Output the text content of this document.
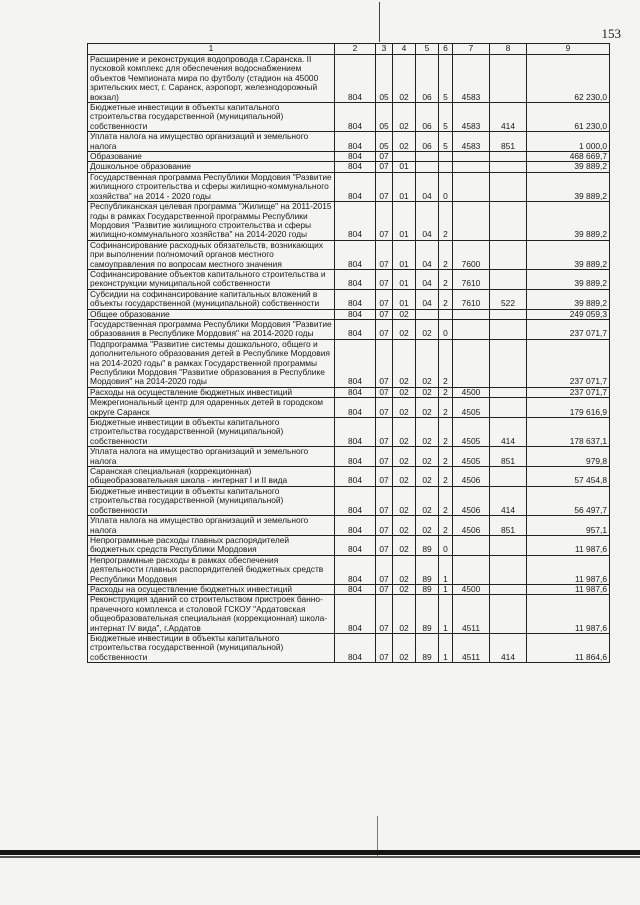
153
1	2	3	4	5	6	7	8	9
Расширение и реконструкция водопровода г.Саранска. II пусковой комплекс для обеспечения водоснабжением объектов Чемпионата мира по футболу (стадион на 45000 зрительских мест, г. Саранск, аэропорт, железнодорожный вокзал)	804	05	02	06	5	4583		62 230,0
Бюджетные инвестиции в объекты капитального строительства государственной (муниципальной) собственности	804	05	02	06	5	4583	414	61 230,0
Уплата налога на имущество организаций и земельного налога	804	05	02	06	5	4583	851	1 000,0
Образование	804	07						468 669,7
Дошкольное образование	804	07	01					39 889,2
Государственная программа Республики Мордовия "Развитие жилищного строительства и сферы жилищно-коммунального хозяйства" на 2014 - 2020 годы	804	07	01	04	0			39 889,2
Республиканская целевая программа "Жилище" на 2011-2015 годы в рамках Государственной программы Республики Мордовия "Развитие жилищного строительства и сферы жилищно-коммунального хозяйства" на 2014-2020 годы	804	07	01	04	2			39 889,2
Софинансирование расходных обязательств, возникающих при выполнении полномочий органов местного самоуправления по вопросам местного значения	804	07	01	04	2	7600		39 889,2
Софинансирование объектов капитального строительства и реконструкции муниципальной собственности	804	07	01	04	2	7610		39 889,2
Субсидии на софинансирование капитальных вложений в объекты государственной (муниципальной) собственности	804	07	01	04	2	7610	522	39 889,2
Общее образование	804	07	02					249 059,3
Государственная программа Республики Мордовия "Развитие образования в Республике Мордовия" на 2014-2020 годы	804	07	02	02	0			237 071,7
Подпрограмма "Развитие системы дошкольного, общего и дополнительного образования детей в Республике Мордовия на 2014-2020 годы" в рамках Государственной программы Республики Мордовия "Развитие образования в Республике Мордовия" на 2014-2020 годы	804	07	02	02	2			237 071,7
Расходы на осуществление бюджетных инвестиций	804	07	02	02	2	4500		237 071,7
Межрегиональный центр для одаренных детей в городском округе Саранск	804	07	02	02	2	4505		179 616,9
Бюджетные инвестиции в объекты капитального строительства государственной (муниципальной) собственности	804	07	02	02	2	4505	414	178 637,1
Уплата налога на имущество организаций и земельного налога	804	07	02	02	2	4505	851	979,8
Саранская специальная (коррекционная) общеобразовательная школа - интернат I и II вида	804	07	02	02	2	4506		57 454,8
Бюджетные инвестиции в объекты капитального строительства государственной (муниципальной) собственности	804	07	02	02	2	4506	414	56 497,7
Уплата налога на имущество организаций и земельного налога	804	07	02	02	2	4506	851	957,1
Непрограммные расходы главных распорядителей бюджетных средств Республики Мордовия	804	07	02	89	0			11 987,6
Непрограммные расходы в рамках обеспечения деятельности главных распорядителей бюджетных средств Республики Мордовия	804	07	02	89	1			11 987,6
Расходы на осуществление бюджетных инвестиций	804	07	02	89	1	4500		11 987,6
Реконструкция зданий со строительством пристроек банно-прачечного комплекса и столовой ГСКОУ "Ардатовская общеобразовательная специальная (коррекционная) школа-интернат IV вида", г.Ардатов	804	07	02	89	1	4511		11 987,6
Бюджетные инвестиции в объекты капитального строительства государственной (муниципальной) собственности	804	07	02	89	1	4511	414	11 864,6
